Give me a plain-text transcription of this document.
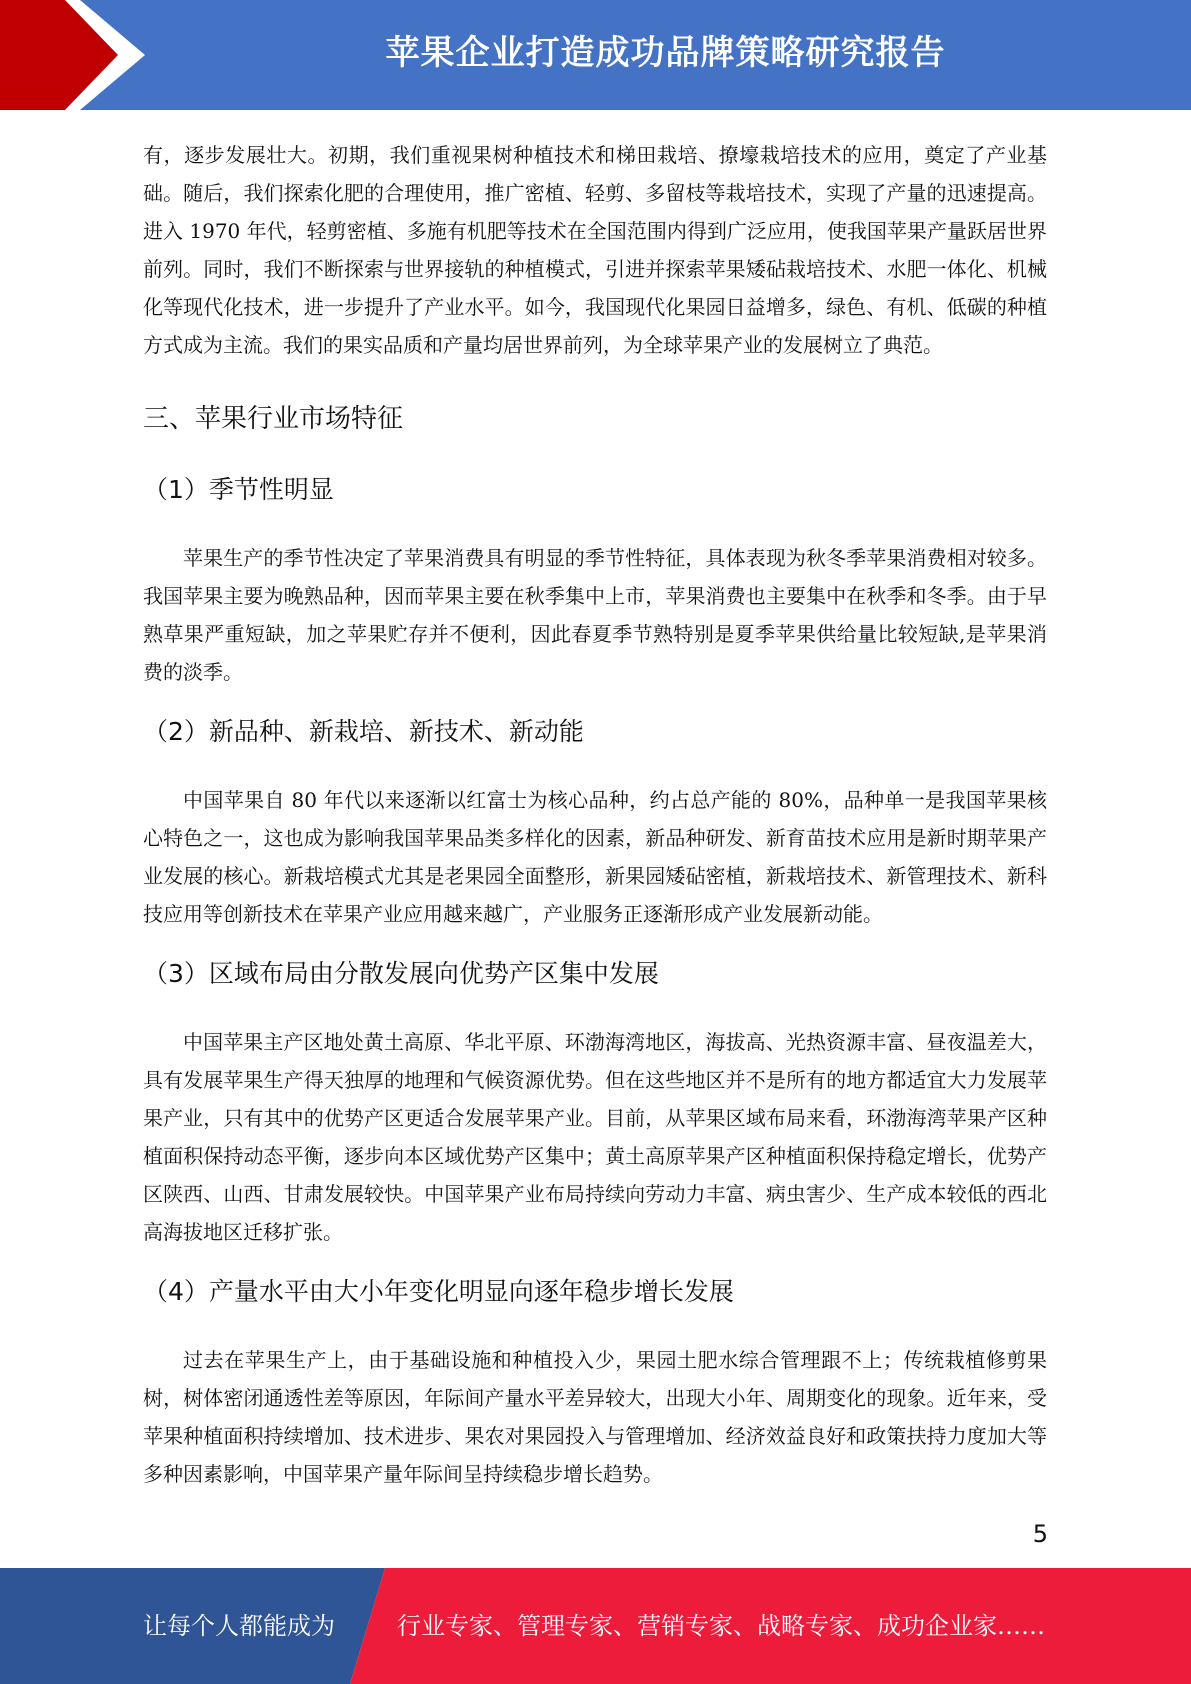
苹果企业打造成功品牌策略研究报告

有，逐步发展壮大。初期，我们重视果树种植技术和梯田栽培、撩壕栽培技术的应用，奠定了产业基础。随后，我们探索化肥的合理使用，推广密植、轻剪、多留枝等栽培技术，实现了产量的迅速提高。进入 1970 年代，轻剪密植、多施有机肥等技术在全国范围内得到广泛应用，使我国苹果产量跃居世界前列。同时，我们不断探索与世界接轨的种植模式，引进并探索苹果矮砧栽培技术、水肥一体化、机械化等现代化技术，进一步提升了产业水平。如今，我国现代化果园日益增多，绿色、有机、低碳的种植方式成为主流。我们的果实品质和产量均居世界前列，为全球苹果产业的发展树立了典范。

三、苹果行业市场特征
（1）季节性明显

苹果生产的季节性决定了苹果消费具有明显的季节性特征，具体表现为秋冬季苹果消费相对较多。我国苹果主要为晚熟品种，因而苹果主要在秋季集中上市，苹果消费也主要集中在秋季和冬季。由于早熟草果严重短缺，加之苹果贮存并不便利，因此春夏季节熟特别是夏季苹果供给量比较短缺,是苹果消费的淡季。

（2）新品种、新栽培、新技术、新动能

中国苹果自 80 年代以来逐渐以红富士为核心品种，约占总产能的 80%，品种单一是我国苹果核心特色之一，这也成为影响我国苹果品类多样化的因素，新品种研发、新育苗技术应用是新时期苹果产业发展的核心。新栽培模式尤其是老果园全面整形，新果园矮砧密植，新栽培技术、新管理技术、新科技应用等创新技术在苹果产业应用越来越广，产业服务正逐渐形成产业发展新动能。

（3）区域布局由分散发展向优势产区集中发展

中国苹果主产区地处黄土高原、华北平原、环渤海湾地区，海拔高、光热资源丰富、昼夜温差大，具有发展苹果生产得天独厚的地理和气候资源优势。但在这些地区并不是所有的地方都适宜大力发展苹果产业，只有其中的优势产区更适合发展苹果产业。目前，从苹果区域布局来看，环渤海湾苹果产区种植面积保持动态平衡，逐步向本区域优势产区集中；黄土高原苹果产区种植面积保持稳定增长，优势产区陕西、山西、甘肃发展较快。中国苹果产业布局持续向劳动力丰富、病虫害少、生产成本较低的西北高海拔地区迁移扩张。

（4）产量水平由大小年变化明显向逐年稳步增长发展

过去在苹果生产上，由于基础设施和种植投入少，果园土肥水综合管理跟不上；传统栽植修剪果树，树体密闭通透性差等原因，年际间产量水平差异较大，出现大小年、周期变化的现象。近年来，受苹果种植面积持续增加、技术进步、果农对果园投入与管理增加、经济效益良好和政策扶持力度加大等多种因素影响，中国苹果产量年际间呈持续稳步增长趋势。

5
让每个人都能成为	行业专家、管理专家、营销专家、战略专家、成功企业家……
